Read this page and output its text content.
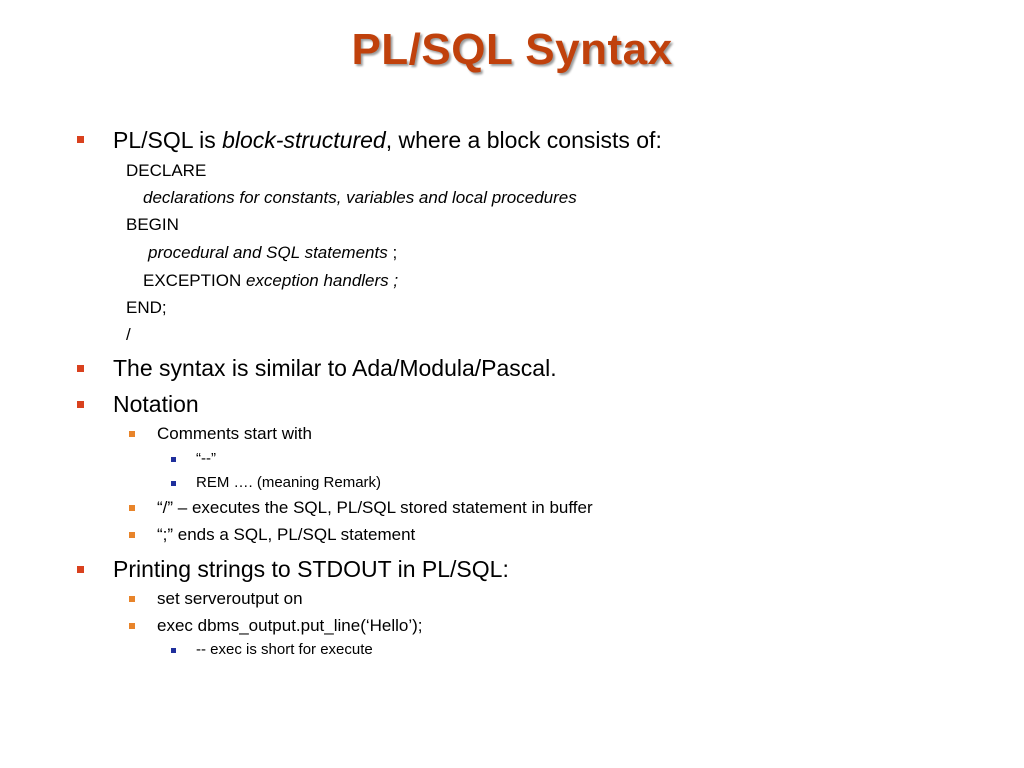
PL/SQL Syntax
PL/SQL is block-structured, where a block consists of:
DECLARE
declarations for constants, variables and local procedures
BEGIN
procedural and SQL statements ;
EXCEPTION exception handlers ;
END;
/
The syntax is similar to Ada/Modula/Pascal.
Notation
Comments start with
“--”
REM …. (meaning Remark)
“/” – executes the SQL, PL/SQL stored statement in buffer
“;” ends a SQL, PL/SQL statement
Printing strings to STDOUT in PL/SQL:
set serveroutput on
exec dbms_output.put_line(‘Hello’);
-- exec is short for execute
